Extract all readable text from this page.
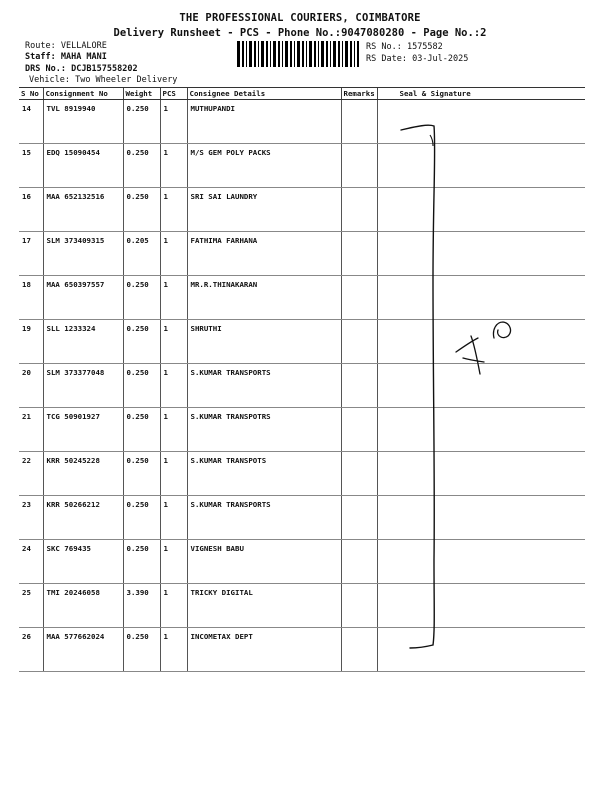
THE PROFESSIONAL COURIERS, COIMBATORE
Delivery Runsheet - PCS - Phone No.:9047080280 - Page No.:2
Route: VELLALORE
Staff: MAHA MANI
DRS No.: DCJB157558202
Vehicle: Two Wheeler Delivery
RS No.: 1575582
RS Date: 03-Jul-2025
S No	Consignment No	Weight	PCS	Consignee Details	Remarks	Seal & Signature
14	TVL 8919940	0.250	1	MUTHUPANDI		
15	EDQ 15090454	0.250	1	M/S GEM POLY PACKS		
16	MAA 652132516	0.250	1	SRI SAI LAUNDRY		
17	SLM 373409315	0.205	1	FATHIMA FARHANA		
18	MAA 650397557	0.250	1	MR.R.THINAKARAN		
19	SLL 1233324	0.250	1	SHRUTHI		
20	SLM 373377048	0.250	1	S.KUMAR TRANSPORTS		
21	TCG 50901927	0.250	1	S.KUMAR TRANSPOTRS		
22	KRR 50245228	0.250	1	S.KUMAR TRANSPOTS		
23	KRR 50266212	0.250	1	S.KUMAR TRANSPORTS		
24	SKC 769435	0.250	1	VIGNESH BABU		
25	TMI 20246058	3.390	1	TRICKY DIGITAL		
26	MAA 577662024	0.250	1	INCOMETAX DEPT		
